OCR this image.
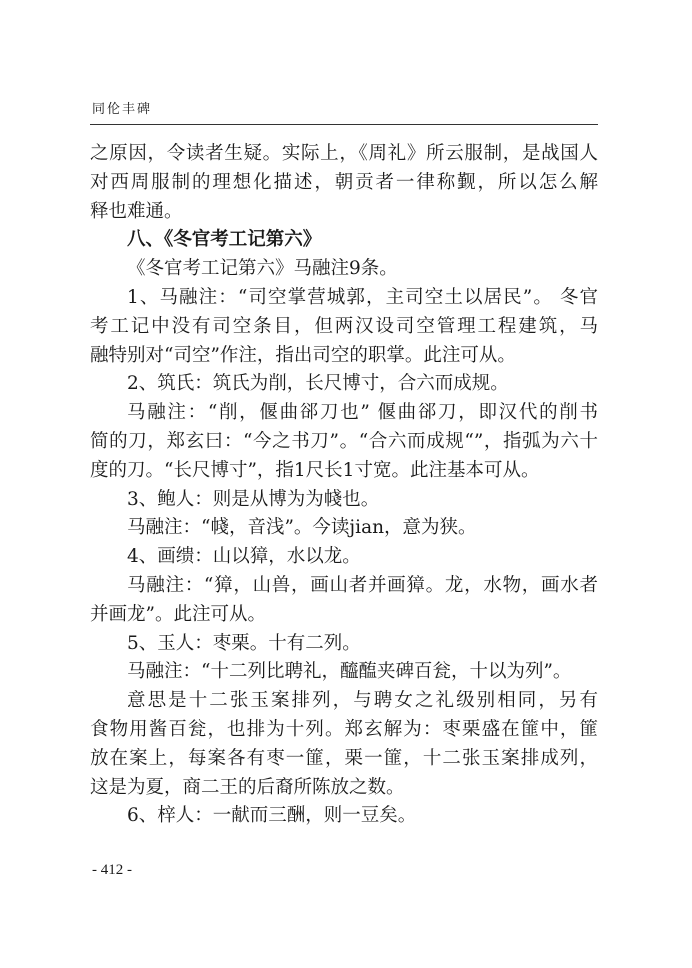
同伦丰碑
之原因，令读者生疑。实际上，《周礼》所云服制，是战国人
对西周服制的理想化描述，朝贡者一律称觐，所以怎么解
释也难通。
八、《冬官考工记第六》
《冬官考工记第六》马融注9条。
1、马融注：“司空掌营城郭，主司空土以居民”。 冬官
考工记中没有司空条目，但两汉设司空管理工程建筑，马
融特别对“司空”作注，指出司空的职掌。此注可从。
2、筑氏：筑氏为削，长尺博寸，合六而成规。
马融注：“削，偃曲郤刀也” 偃曲郤刀，即汉代的削书
简的刀，郑玄曰：“今之书刀”。“合六而成规“”，指弧为六十
度的刀。“长尺博寸”，指1尺长1寸宽。此注基本可从。
3、鲍人：则是从博为为帴也。
马融注：“帴，音浅”。今读jian，意为狭。
4、画缋：山以獐，水以龙。
马融注：“獐，山兽，画山者并画獐。龙，水物，画水者
并画龙”。此注可从。
5、玉人：枣栗。十有二列。
马融注：“十二列比聘礼，醯醢夹碑百瓮，十以为列”。
意思是十二张玉案排列，与聘女之礼级别相同，另有
食物用酱百瓮，也排为十列。郑玄解为：枣栗盛在篚中，篚
放在案上，每案各有枣一篚，栗一篚，十二张玉案排成列，
这是为夏，商二王的后裔所陈放之数。
6、梓人：一献而三酬，则一豆矣。
- 412 -
